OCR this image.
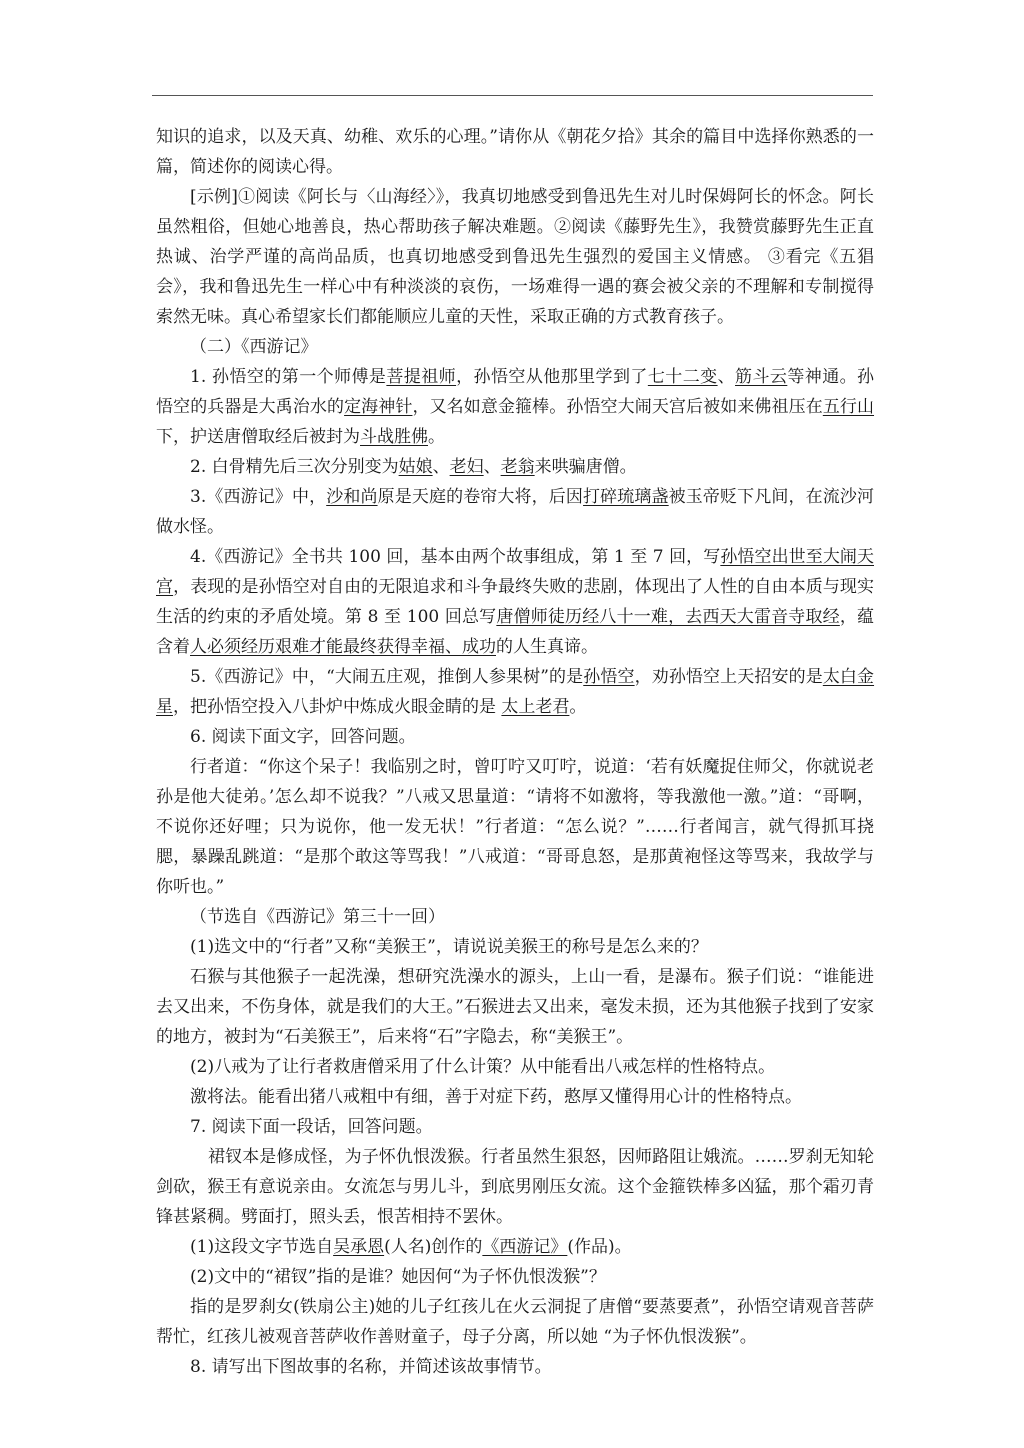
知识的追求，以及天真、幼稚、欢乐的心理。”请你从《朝花夕拾》其余的篇目中选择你熟悉的一篇，简述你的阅读心得。

[示例]①阅读《阿长与〈山海经〉》，我真切地感受到鲁迅先生对儿时保姆阿长的怀念。阿长虽然粗俗，但她心地善良，热心帮助孩子解决难题。②阅读《藤野先生》，我赞赏藤野先生正直热诚、治学严谨的高尚品质，也真切地感受到鲁迅先生强烈的爱国主义情感。 ③看完《五猖会》，我和鲁迅先生一样心中有种淡淡的哀伤，一场难得一遇的赛会被父亲的不理解和专制搅得索然无味。真心希望家长们都能顺应儿童的天性，采取正确的方式教育孩子。

（二）《西游记》

1. 孙悟空的第一个师傅是菩提祖师，孙悟空从他那里学到了七十二变、筋斗云等神通。孙悟空的兵器是大禹治水的定海神针，又名如意金箍棒。孙悟空大闹天宫后被如来佛祖压在五行山下，护送唐僧取经后被封为斗战胜佛。

2. 白骨精先后三次分别变为姑娘、老妇、老翁来哄骗唐僧。

3.《西游记》中，沙和尚原是天庭的卷帘大将，后因打碎琉璃盏被玉帝贬下凡间，在流沙河做水怪。

4.《西游记》全书共 100 回，基本由两个故事组成，第 1 至 7 回，写孙悟空出世至大闹天宫，表现的是孙悟空对自由的无限追求和斗争最终失败的悲剧，体现出了人性的自由本质与现实生活的约束的矛盾处境。第 8 至 100 回总写唐僧师徒历经八十一难，去西天大雷音寺取经，蕴含着人必须经历艰难才能最终获得幸福、成功的人生真谛。

5.《西游记》中，“大闹五庄观，推倒人参果树”的是孙悟空，劝孙悟空上天招安的是太白金星，把孙悟空投入八卦炉中炼成火眼金睛的是 太上老君。

6. 阅读下面文字，回答问题。

行者道：“你这个呆子！我临别之时，曾叮咛又叮咛，说道：‘若有妖魔捉住师父，你就说老孙是他大徒弟。’怎么却不说我？”八戒又思量道：“请将不如激将，等我激他一激。”道：“哥啊，不说你还好哩；只为说你，他一发无状！”行者道：“怎么说？”……行者闻言，就气得抓耳挠腮，暴躁乱跳道：“是那个敢这等骂我！”八戒道：“哥哥息怒，是那黄袍怪这等骂来，我故学与你听也。”

（节选自《西游记》第三十一回）

(1)选文中的“行者”又称“美猴王”，请说说美猴王的称号是怎么来的？

石猴与其他猴子一起洗澡，想研究洗澡水的源头，上山一看，是瀑布。猴子们说：“谁能进去又出来，不伤身体，就是我们的大王。”石猴进去又出来，毫发未损，还为其他猴子找到了安家的地方，被封为“石美猴王”，后来将“石”字隐去，称“美猴王”。

(2)八戒为了让行者救唐僧采用了什么计策？从中能看出八戒怎样的性格特点。

激将法。能看出猪八戒粗中有细，善于对症下药，憨厚又懂得用心计的性格特点。

7. 阅读下面一段话，回答问题。

裙钗本是修成怪，为子怀仇恨泼猴。行者虽然生狠怒，因师路阻让娥流。……罗刹无知轮剑砍，猴王有意说亲由。女流怎与男儿斗，到底男刚压女流。这个金箍铁棒多凶猛，那个霜刃青锋甚紧稠。劈面打，照头丢，恨苦相持不罢休。

(1)这段文字节选自吴承恩(人名)创作的《西游记》(作品)。

(2)文中的“裙钗”指的是谁？她因何“为子怀仇恨泼猴”？

指的是罗刹女(铁扇公主)她的儿子红孩儿在火云洞捉了唐僧“要蒸要煮”，孙悟空请观音菩萨帮忙，红孩儿被观音菩萨收作善财童子，母子分离，所以她 “为子怀仇恨泼猴”。

8. 请写出下图故事的名称，并简述该故事情节。
